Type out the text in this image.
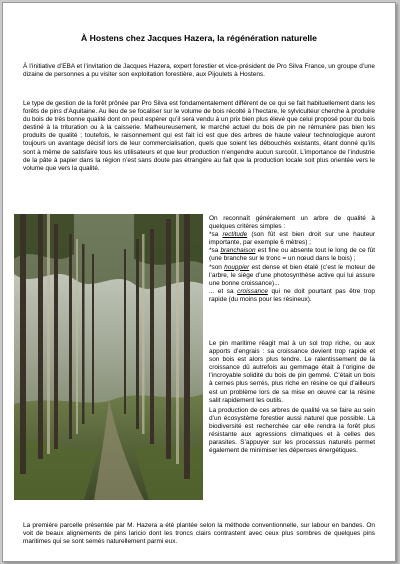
À Hostens chez Jacques Hazera, la régénération naturelle

À l’initiative d’EBA et l’invitation de Jacques Hazera, expert forestier et vice-président de Pro Silva France, un groupe d’une dizaine de personnes a pu visiter son exploitation forestière, aux Pijoulets à Hostens.

Le type de gestion de la forêt prônée par Pro Silva est fondamentalement différent de ce qui se fait habituellement dans les forêts de pins d’Aquitaine. Au lieu de se focaliser sur le volume de bois récolté à l’hectare, le sylviculteur cherche à produire du bois de très bonne qualité dont on peut espérer qu’il sera vendu à un prix bien plus élevé que celui proposé pour du bois destiné à la trituration ou à la caisserie. Malheureusement, le marché actuel du bois de pin ne rémunère pas bien les produits de qualité ; toutefois, le raisonnement qui est fait ici est que des arbres de haute valeur technologique auront toujours un avantage décisif lors de leur commercialisation, quels que soient les débouchés existants, étant donné qu’ils sont à même de satisfaire tous les utilisateurs et que leur production n’engendre aucun surcoût. L’importance de l’industrie de la pâte à papier dans la région n’est sans doute pas étrangère au fait que la production locale soit plus orientée vers le volume que vers la qualité.

On reconnaît généralement un arbre de qualité à quelques critères simples :
*sa rectitude (son fût est bien droit sur une hauteur importante, par exemple 6 mètres) ;
*sa branchaison est fine ou absente tout le long de ce fût (une branche sur le tronc = un nœud dans le bois) ;
*son houppier est dense et bien étalé (c’est le moteur de l’arbre, le siège d’une photosynthèse active qui lui assure une bonne croissance)...
... et sa croissance qui ne doit pourtant pas être trop rapide (du moins pour les résineux).

Le pin maritime réagit mal à un sol trop riche, ou aux apports d’engrais : sa croissance devient trop rapide et son bois est alors plus tendre. Le ralentissement de la croissance dû autrefois au gemmage était à l’origine de l’incroyable solidité du bois de pin gemmé. C’était un bois à cernes plus serrés, plus riche en résine ce qui d’ailleurs est un problème lors de sa mise en œuvre car la résine salit rapidement les outils.

La production de ces arbres de qualité va se faire au sein d’un écosystème forestier aussi naturel que possible. La biodiversité est recherchée car elle rendra la forêt plus résistante aux agressions climatiques et à celles des parasites. S’appuyer sur les processus naturels permet également de minimiser les dépenses énergétiques.

La première parcelle présentée par M. Hazera a été plantée selon la méthode conventionnelle, sur labour en bandes. On voit de beaux alignements de pins laricio dont les troncs clairs contrastent avec ceux plus sombres de quelques pins maritimes qui se sont semés naturellement parmi eux.
